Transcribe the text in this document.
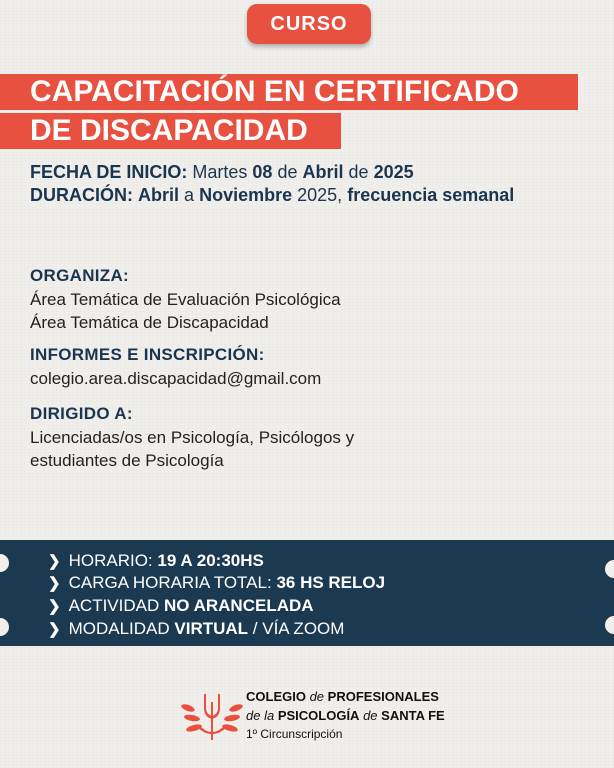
CURSO
CAPACITACIÓN EN CERTIFICADO
DE DISCAPACIDAD
FECHA DE INICIO: Martes 08 de Abril de 2025
DURACIÓN: Abril a Noviembre 2025, frecuencia semanal
ORGANIZA:
Área Temática de Evaluación Psicológica
Área Temática de Discapacidad
INFORMES E INSCRIPCIÓN:
colegio.area.discapacidad@gmail.com
DIRIGIDO A:
Licenciadas/os en Psicología, Psicólogos y
estudiantes de Psicología
❯ HORARIO:
19 A 20:30HS
❯ CARGA HORARIA TOTAL:
36 HS RELOJ
❯ ACTIVIDAD
NO ARANCELADA
❯ MODALIDAD
VIRTUAL
/ VÍA ZOOM
COLEGIO de PROFESIONALES
de la PSICOLOGÍA de SANTA FE
1º Circunscripción
